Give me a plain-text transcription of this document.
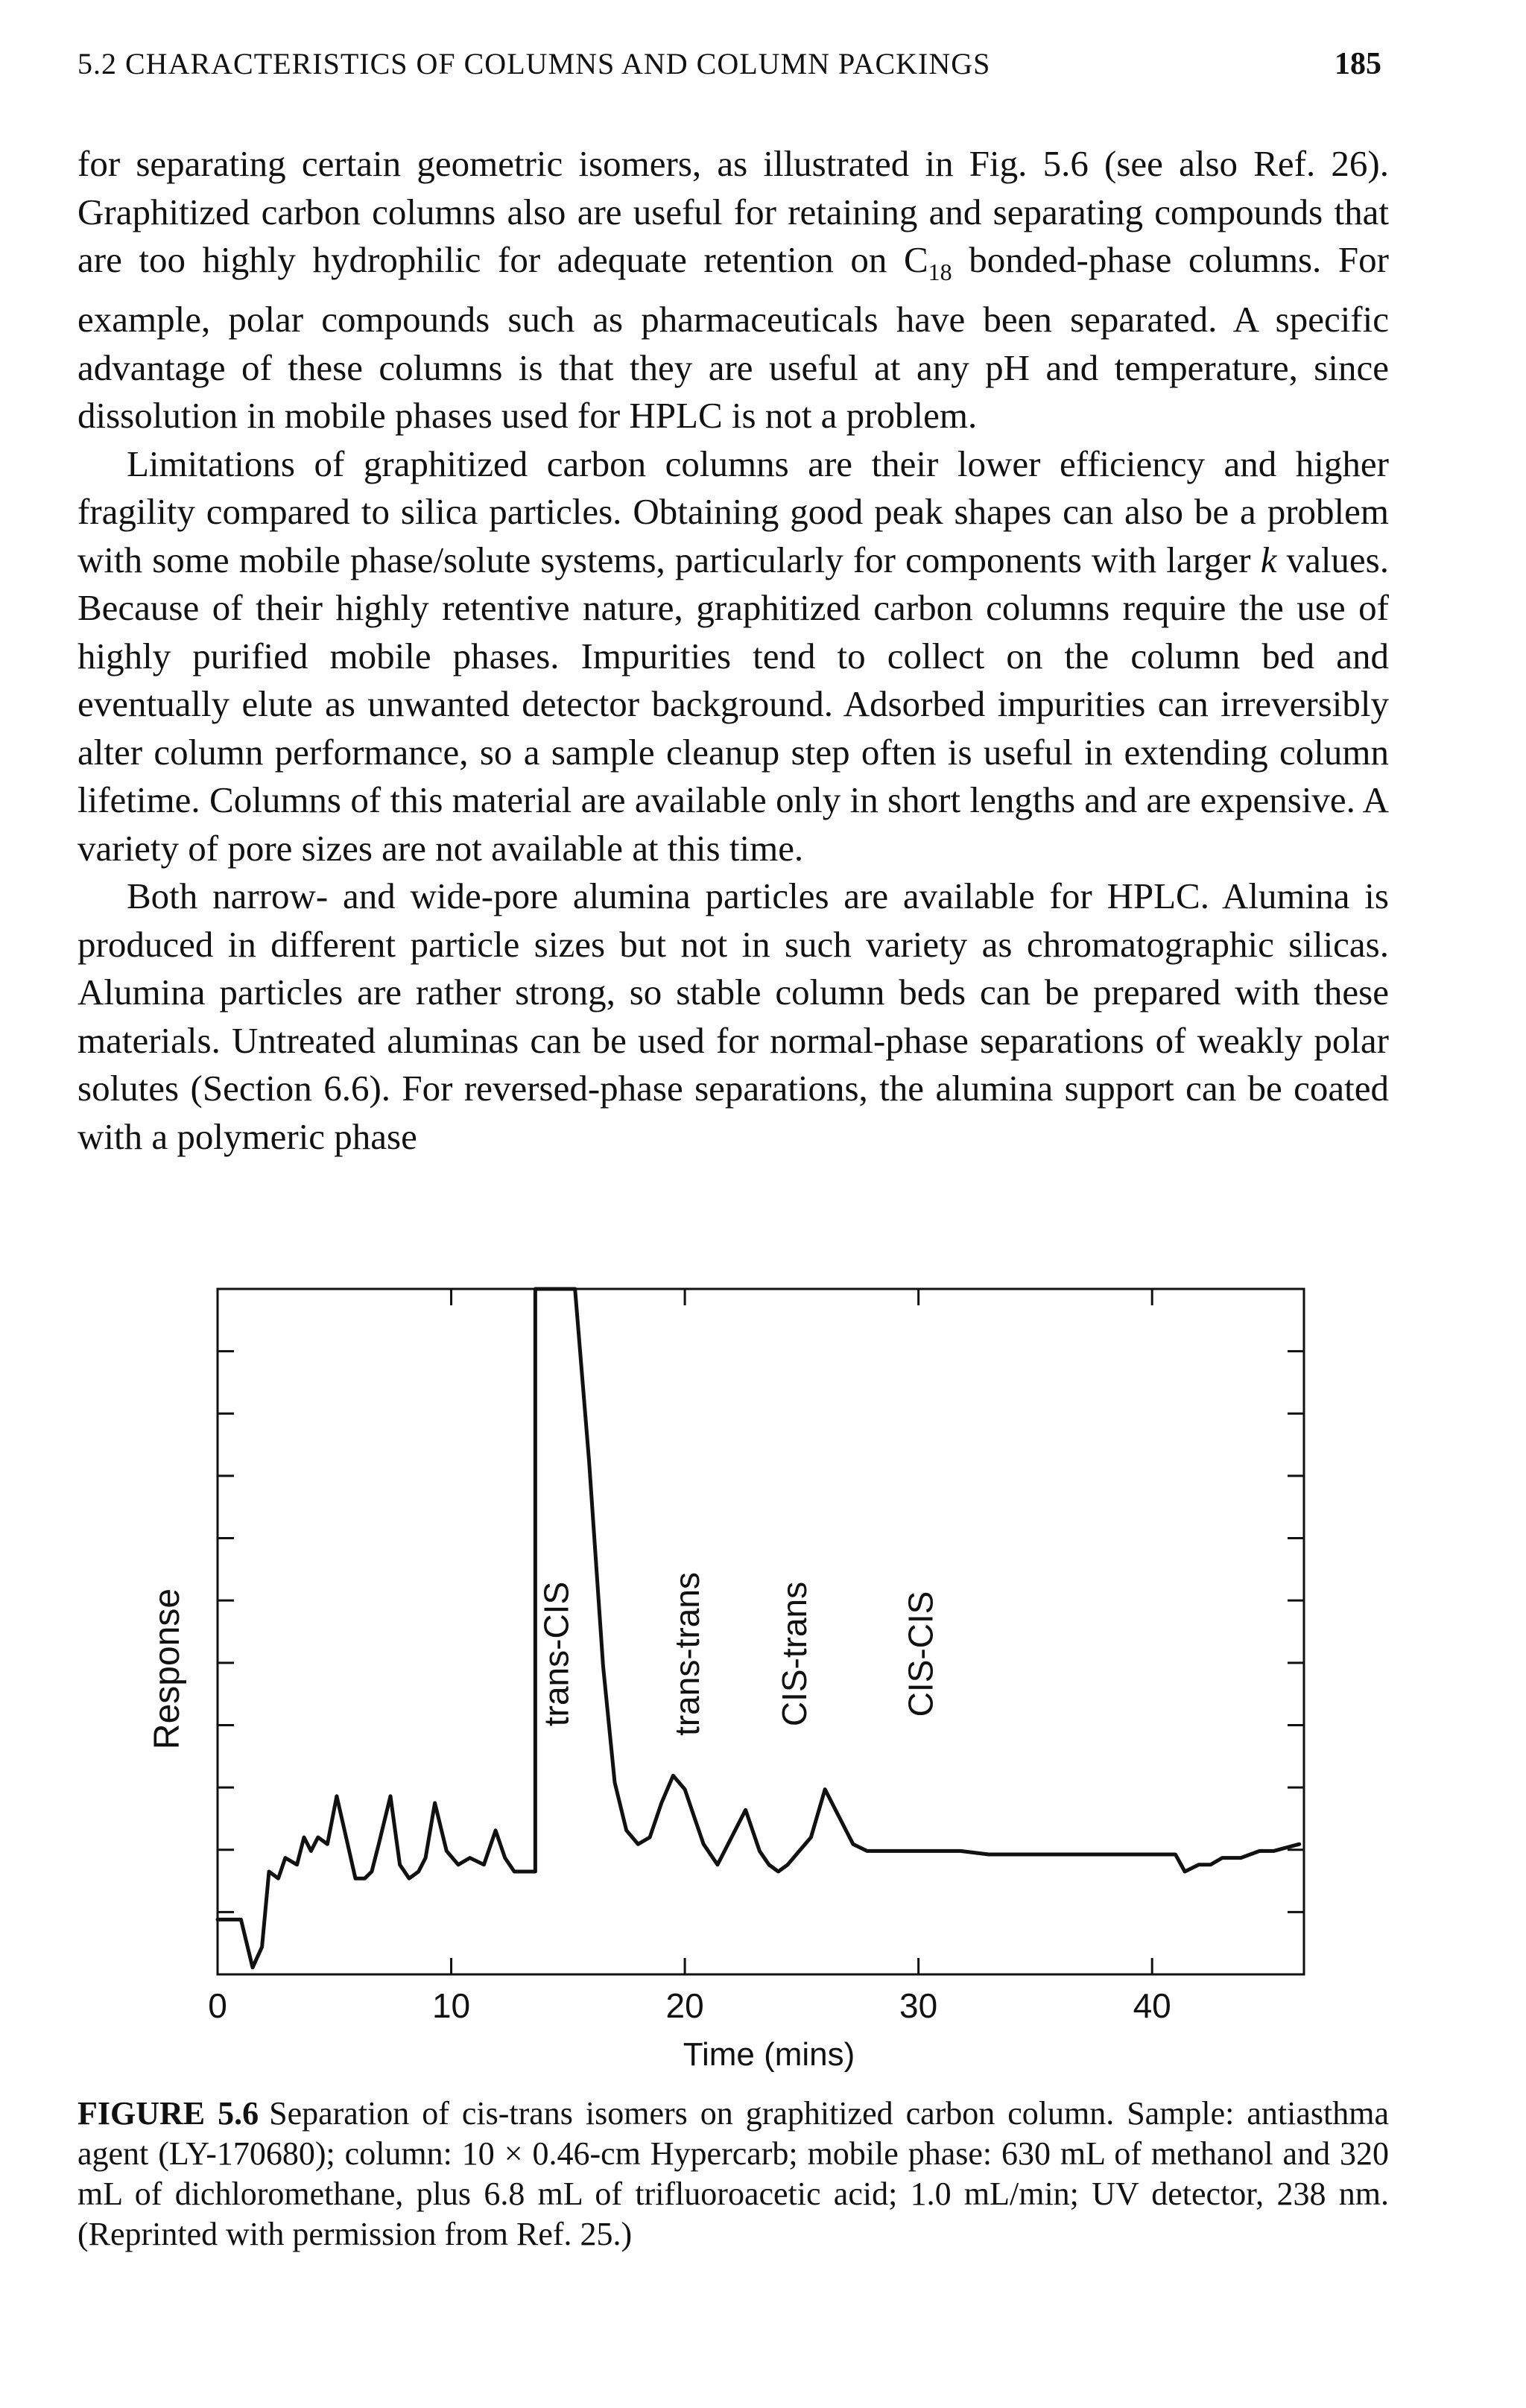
5.2 CHARACTERISTICS OF COLUMNS AND COLUMN PACKINGS	185

for separating certain geometric isomers, as illustrated in Fig. 5.6 (see also Ref. 26). Graphitized carbon columns also are useful for retaining and separating compounds that are too highly hydrophilic for adequate retention on $C_{18}$ bonded-phase columns. For example, polar compounds such as pharmaceuticals have been separated. A specific advantage of these columns is that they are useful at any pH and temperature, since dissolution in mobile phases used for HPLC is not a problem.

Limitations of graphitized carbon columns are their lower efficiency and higher fragility compared to silica particles. Obtaining good peak shapes can also be a problem with some mobile phase/solute systems, particularly for components with larger k values. Because of their highly retentive nature, graphitized carbon columns require the use of highly purified mobile phases. Impurities tend to collect on the column bed and eventually elute as unwanted detector background. Adsorbed impurities can irreversibly alter column performance, so a sample cleanup step often is useful in extending column lifetime. Columns of this material are available only in short lengths and are expensive. A variety of pore sizes are not available at this time.

Both narrow- and wide-pore alumina particles are available for HPLC. Alumina is produced in different particle sizes but not in such variety as chromatographic silicas. Alumina particles are rather strong, so stable column beds can be prepared with these materials. Untreated aluminas can be used for normal-phase separations of weakly polar solutes (Section 6.6). For reversed-phase separations, the alumina support can be coated with a polymeric phase

0	10	20	30	40
trans-CIS	trans-trans CIS-trans	CIS-CIS
Response
Time (mins)
FIGURE 5.6 Separation of cis-trans isomers on graphitized carbon column. Sample: antiasthma agent (LY-170680); column: 10 × 0.46-cm Hypercarb; mobile phase: 630 mL of methanol and 320 mL of dichloromethane, plus 6.8 mL of trifluoroacetic acid; 1.0 mL/min; UV detector, 238 nm. (Reprinted with permission from Ref. 25.)
